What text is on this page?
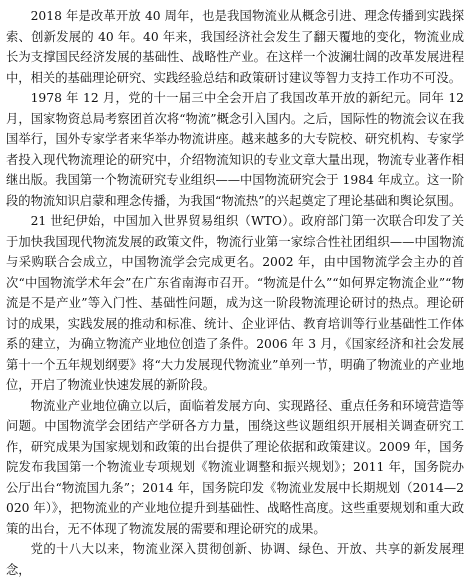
2018 年是改革开放 40 周年，也是我国物流业从概念引进、理念传播到实践探索、创新发展的 40 年。40 年来，我国经济社会发生了翻天覆地的变化，物流业成长为支撑国民经济发展的基础性、战略性产业。在这样一个波澜壮阔的改革发展进程中，相关的基础理论研究、实践经验总结和政策研讨建议等智力支持工作功不可没。

1978 年 12 月，党的十一届三中全会开启了我国改革开放的新纪元。同年 12 月，国家物资总局考察团首次将“物流”概念引入国内。之后，国际性的物流会议在我国举行，国外专家学者来华举办物流讲座。越来越多的大专院校、研究机构、专家学者投入现代物流理论的研究中，介绍物流知识的专业文章大量出现，物流专业著作相继出版。我国第一个物流研究专业组织——中国物流研究会于 1984 年成立。这一阶段的物流知识启蒙和理念传播，为我国“物流热”的兴起奠定了理论基础和舆论氛围。

21 世纪伊始，中国加入世界贸易组织（WTO）。政府部门第一次联合印发了关于加快我国现代物流发展的政策文件，物流行业第一家综合性社团组织——中国物流与采购联合会成立，中国物流学会完成更名。2002 年，由中国物流学会主办的首次“中国物流学术年会”在广东省南海市召开。“物流是什么”“如何界定物流企业”“物流是不是产业”等入门性、基础性问题，成为这一阶段物流理论研讨的热点。理论研讨的成果，实践发展的推动和标准、统计、企业评估、教育培训等行业基础性工作体系的建立，为确立物流产业地位创造了条件。2006 年 3 月，《国家经济和社会发展第十一个五年规划纲要》将“大力发展现代物流业”单列一节，明确了物流业的产业地位，开启了物流业快速发展的新阶段。

物流业产业地位确立以后，面临着发展方向、实现路径、重点任务和环境营造等问题。中国物流学会团结产学研各方力量，围绕这些议题组织开展相关调查研究工作，研究成果为国家规划和政策的出台提供了理论依据和政策建议。2009 年，国务院发布我国第一个物流业专项规划《物流业调整和振兴规划》；2011 年，国务院办公厅出台“物流国九条”；2014 年，国务院印发《物流业发展中长期规划（2014—2020 年）》，把物流业的产业地位提升到基础性、战略性高度。这些重要规划和重大政策的出台，无不体现了物流发展的需要和理论研究的成果。

党的十八大以来，物流业深入贯彻创新、协调、绿色、开放、共享的新发展理念，
